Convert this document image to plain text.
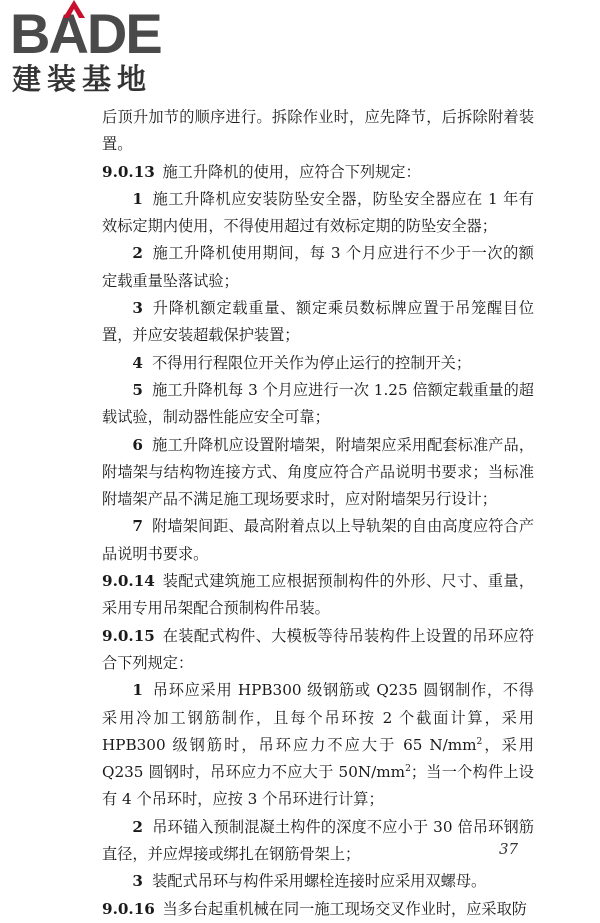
BADE
建装基地

后顶升加节的顺序进行。拆除作业时，应先降节，后拆除附着装置。

9.0.13 施工升降机的使用，应符合下列规定：

1 施工升降机应安装防坠安全器，防坠安全器应在 1 年有效标定期内使用，不得使用超过有效标定期的防坠安全器；

2 施工升降机使用期间，每 3 个月应进行不少于一次的额定载重量坠落试验；

3 升降机额定载重量、额定乘员数标牌应置于吊笼醒目位置，并应安装超载保护装置；

4 不得用行程限位开关作为停止运行的控制开关；

5 施工升降机每 3 个月应进行一次 1.25 倍额定载重量的超载试验，制动器性能应安全可靠；

6 施工升降机应设置附墙架，附墙架应采用配套标准产品，附墙架与结构物连接方式、角度应符合产品说明书要求；当标准附墙架产品不满足施工现场要求时，应对附墙架另行设计；

7 附墙架间距、最高附着点以上导轨架的自由高度应符合产品说明书要求。

9.0.14 装配式建筑施工应根据预制构件的外形、尺寸、重量，采用专用吊架配合预制构件吊装。

9.0.15 在装配式构件、大模板等待吊装构件上设置的吊环应符合下列规定：

1 吊环应采用 HPB300 级钢筋或 Q235 圆钢制作，不得采用冷加工钢筋制作，且每个吊环按 2 个截面计算，采用 HPB300 级钢筋时，吊环应力不应大于 65 $N/mm^2$，采用 Q235 圆钢时，吊环应力不应大于 $50N/mm^2$；当一个构件上设有 4 个吊环时，应按 3 个吊环进行计算；

2 吊环锚入预制混凝土构件的深度不应小于 30 倍吊环钢筋直径，并应焊接或绑扎在钢筋骨架上；

3 装配式吊环与构件采用螺栓连接时应采用双螺母。

9.0.16 当多台起重机械在同一施工现场交叉作业时，应采取防

37
